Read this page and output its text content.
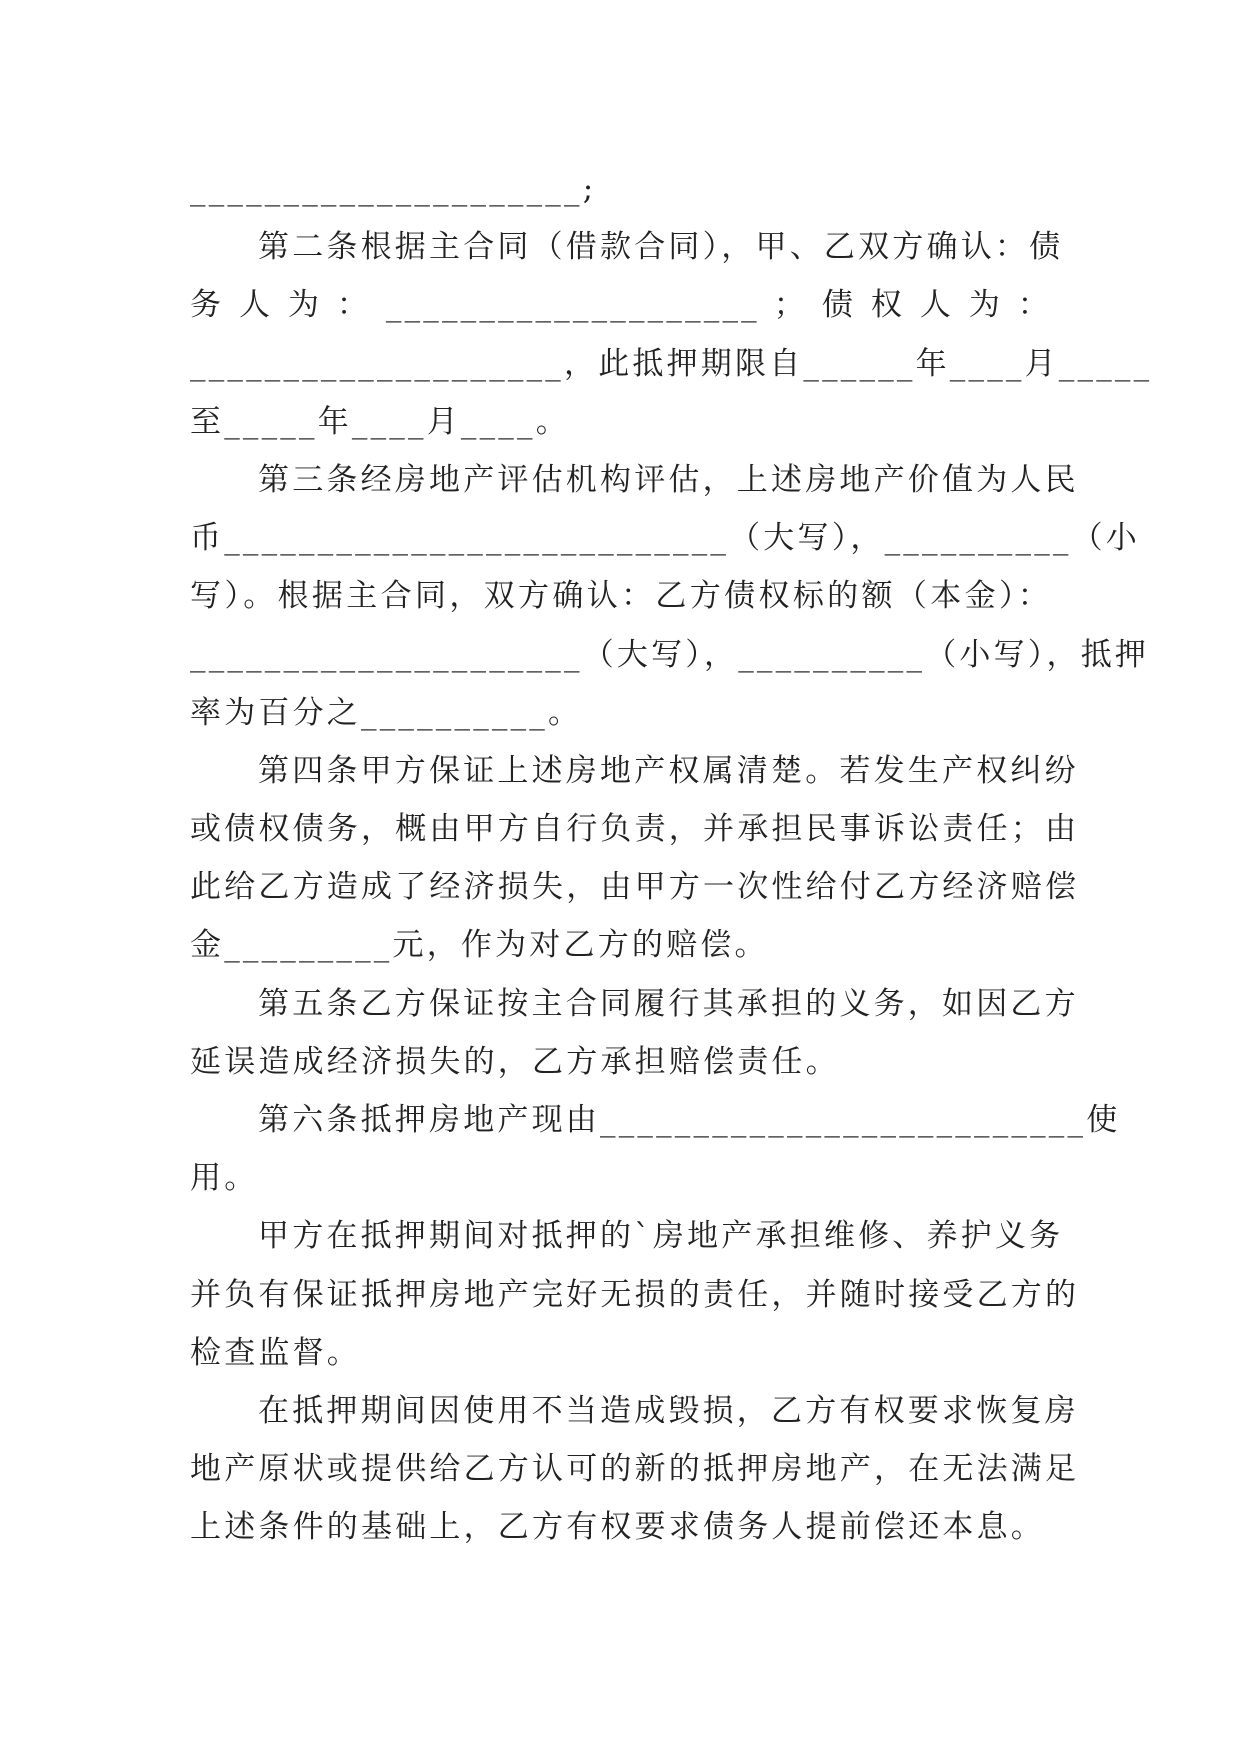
_____________________;
第二条根据主合同（借款合同），甲、乙双方确认：债
务 人 为 ： ____________________ ； 债 权 人 为 ：
____________________，此抵押期限自______年____月_____
至_____年____月____。
第三条经房地产评估机构评估，上述房地产价值为人民
币___________________________（大写），__________（小
写）。根据主合同，双方确认：乙方债权标的额（本金）：
_____________________（大写），__________（小写），抵押
率为百分之__________。
第四条甲方保证上述房地产权属清楚。若发生产权纠纷
或债权债务，概由甲方自行负责，并承担民事诉讼责任；由
此给乙方造成了经济损失，由甲方一次性给付乙方经济赔偿
金_________元，作为对乙方的赔偿。
第五条乙方保证按主合同履行其承担的义务，如因乙方
延误造成经济损失的，乙方承担赔偿责任。
第六条抵押房地产现由__________________________使
用。
甲方在抵押期间对抵押的`房地产承担维修、养护义务
并负有保证抵押房地产完好无损的责任，并随时接受乙方的
检查监督。
在抵押期间因使用不当造成毁损，乙方有权要求恢复房
地产原状或提供给乙方认可的新的抵押房地产，在无法满足
上述条件的基础上，乙方有权要求债务人提前偿还本息。
